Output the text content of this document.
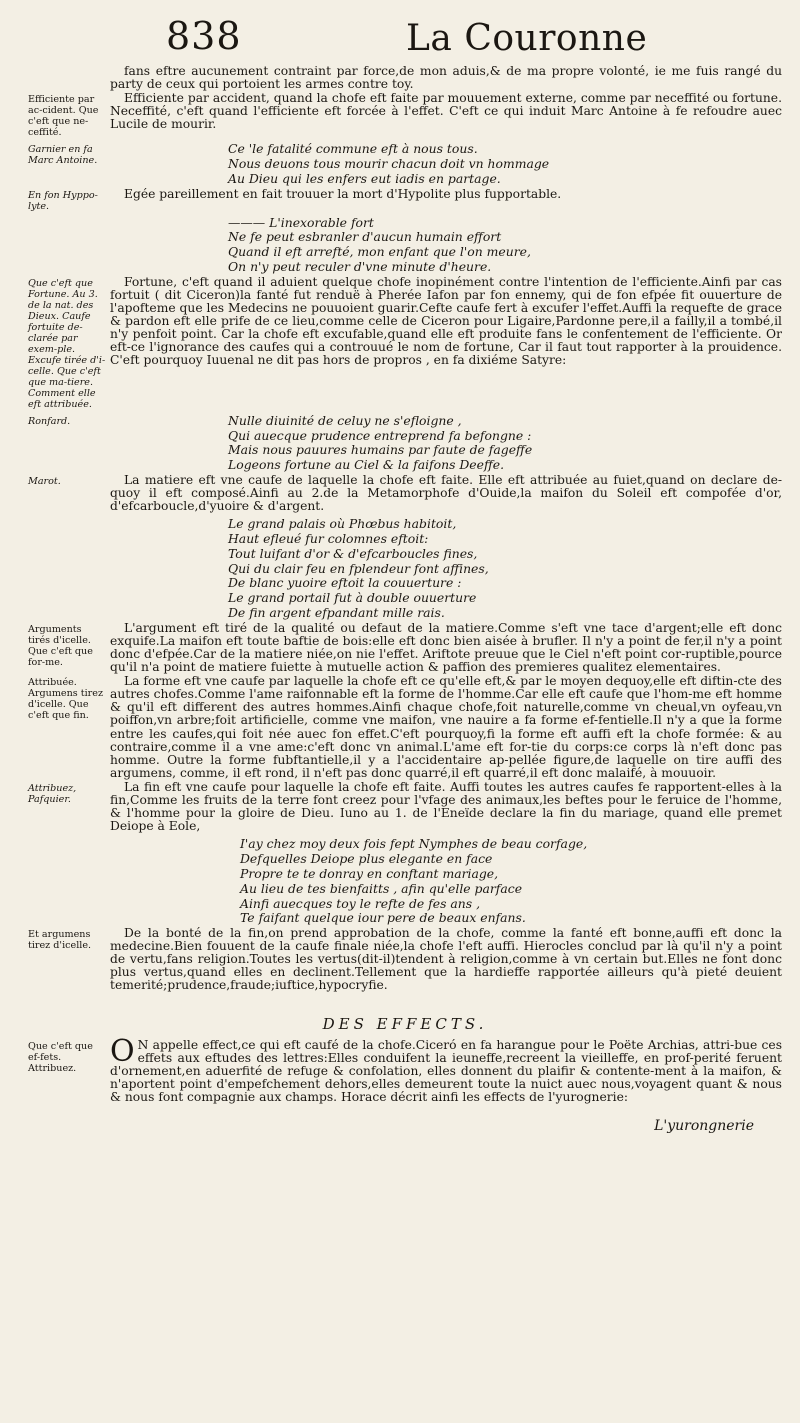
838	La Couronne
fans eftre aucunement contraint par force,de mon aduis,& de ma propre volonté, ie me fuis rangé du party de ceux qui portoient les armes contre toy.
Efficiente par ac-cident. Que c'eft que ne-ceffité.
Efficiente par accident, quand la chofe eft faite par mouuement externe, comme par neceffité ou fortune. Neceffité, c'eft quand l'efficiente eft forcée à l'effet. C'eft ce qui induit Marc Antoine à fe refoudre auec Lucile de mourir.
Garnier en fa Marc Antoine.
Ce 'le fatalité commune eft à nous tous.
Nous deuons tous mourir chacun doit vn hommage
Au Dieu qui les enfers eut iadis en partage.
En fon Hyppo-lyte.
Egée pareillement en fait trouuer la mort d'Hypolite plus fupportable.
——— L'inexorable fort
Ne fe peut esbranler d'aucun humain effort
Quand il eft arrefté, mon enfant que l'on meure,
On n'y peut reculer d'vne minute d'heure.
Que c'eft que Fortune. Au 3. de la nat. des Dieux. Caufe fortuite de-clarée par exem-ple. Excufe tirée d'i-celle. Que c'eft que ma-tiere. Comment elle eft attribuée.
Fortune, c'eft quand il aduient quelque chofe inopinément contre l'intention de l'efficiente.Ainfi par cas fortuit ( dit Ciceron)la fanté fut renduë à Pherée Iafon par fon ennemy, qui de fon efpée fit ouuerture de l'apofteme que les Medecins ne pouuoient guarir.Cefte caufe fert à excufer l'effet.Auffi la requefte de grace & pardon eft elle prife de ce lieu,comme celle de Ciceron pour Ligaire,Pardonne pere,il a failly,il a tombé,il n'y penfoit point. Car la chofe eft excufable,quand elle eft produite fans le confentement de l'efficiente. Or eft-ce l'ignorance des caufes qui a controuué le nom de fortune, Car il faut tout rapporter à la prouidence. C'eft pourquoy Iuuenal ne dit pas hors de propros , en fa dixiéme Satyre:
Ronfard.	Nulle diuinité de celuy ne s'efloigne ,
Qui auecque prudence entreprend fa befongne :
Mais nous pauures humains par faute de fageffe
Logeons fortune au Ciel & la faifons Deeffe.
Marot.	La matiere eft vne caufe de laquelle la chofe eft faite. Elle eft attribuée au fuiet,quand on declare de-quoy il eft composé.Ainfi au 2.de la Metamorphofe d'Ouide,la maifon du Soleil eft compofée d'or, d'efcarboucle,d'yuoire & d'argent.
Le grand palais où Phœbus habitoit,
Haut efleué fur colomnes eftoit:
Tout luifant d'or & d'efcarboucles fines,
Qui du clair feu en fplendeur font affines,
De blanc yuoire eftoit la couuerture :
Le grand portail fut à double ouuerture
De fin argent efpandant mille rais.
Arguments tirés d'icelle. Que c'eft que for-me.
L'argument eft tiré de la qualité ou defaut de la matiere.Comme s'eft vne tace d'argent;elle eft donc exquife.La maifon eft toute baftie de bois:elle eft donc bien aisée à brufler. Il n'y a point de fer,il n'y a point donc d'efpée.Car de la matiere niée,on nie l'effet. Ariftote preuue que le Ciel n'eft point cor-ruptible,pource qu'il n'a point de matiere fuiette à mutuelle action & paffion des premieres qualitez elementaires.
Attribuée. Argumens tirez d'icelle. Que c'eft que fin.
La forme eft vne caufe par laquelle la chofe eft ce qu'elle eft,& par le moyen dequoy,elle eft diftin-cte des autres chofes.Comme l'ame raifonnable eft la forme de l'homme.Car elle eft caufe que l'hom-me eft homme & qu'il eft different des autres hommes.Ainfi chaque chofe,foit naturelle,comme vn cheual,vn oyfeau,vn poiffon,vn arbre;foit artificielle, comme vne maifon, vne nauire a fa forme ef-fentielle.Il n'y a que la forme entre les caufes,qui foit née auec fon effet.C'eft pourquoy,fi la forme eft auffi eft la chofe formée: & au contraire,comme il a vne ame:c'eft donc vn animal.L'ame eft for-tie du corps:ce corps là n'eft donc pas homme. Outre la forme fubftantielle,il y a l'accidentaire ap-pellée figure,de laquelle on tire auffi des argumens, comme, il eft rond, il n'eft pas donc quarré,il eft quarré,il eft donc malaifé, à mouuoir.
Attribuez, Pafquier.
La fin eft vne caufe pour laquelle la chofe eft faite. Auffi toutes les autres caufes fe rapportent-elles à la fin,Comme les fruits de la terre font creez pour l'vfage des animaux,les beftes pour le feruice de l'homme, & l'homme pour la gloire de Dieu. Iuno au 1. de l'Eneïde declare la fin du mariage, quand elle premet Deiope à Eole,
I'ay chez moy deux fois fept Nymphes de beau corfage,
Defquelles Deiope plus elegante en face
Propre te te donray en conftant mariage,
Au lieu de tes bienfaitts , afin qu'elle parface
Ainfi auecques toy le refte de fes ans ,
Te faifant quelque iour pere de beaux enfans.
Et argumens tirez d'icelle.
De la bonté de la fin,on prend approbation de la chofe, comme la fanté eft bonne,auffi eft donc la medecine.Bien fouuent de la caufe finale niée,la chofe l'eft auffi. Hierocles conclud par là qu'il n'y a point de vertu,fans religion.Toutes les vertus(dit-il)tendent à religion,comme à vn certain but.Elles ne font donc plus vertus,quand elles en declinent.Tellement que la hardieffe rapportée ailleurs qu'à pieté deuient temerité;prudence,fraude;iuftice,hypocryfie.
DES EFFECTS.
Que c'eft que ef-fets. Attribuez.	ON appelle effect,ce qui eft caufé de la chofe.Ciceró en fa harangue pour le Poëte Archias, attri-bue ces effets aux eftudes des lettres:Elles conduifent la ieuneffe,recreent la vieilleffe, en prof-perité feruent d'ornement,en aduerfité de refuge & confolation, elles donnent du plaifir & contente-ment à la maifon, & n'aportent point d'empefchement dehors,elles demeurent toute la nuict auec nous,voyagent quant & nous & nous font compagnie aux champs. Horace décrit ainfi les effects de l'yurognerie:
L'yurongnerie
